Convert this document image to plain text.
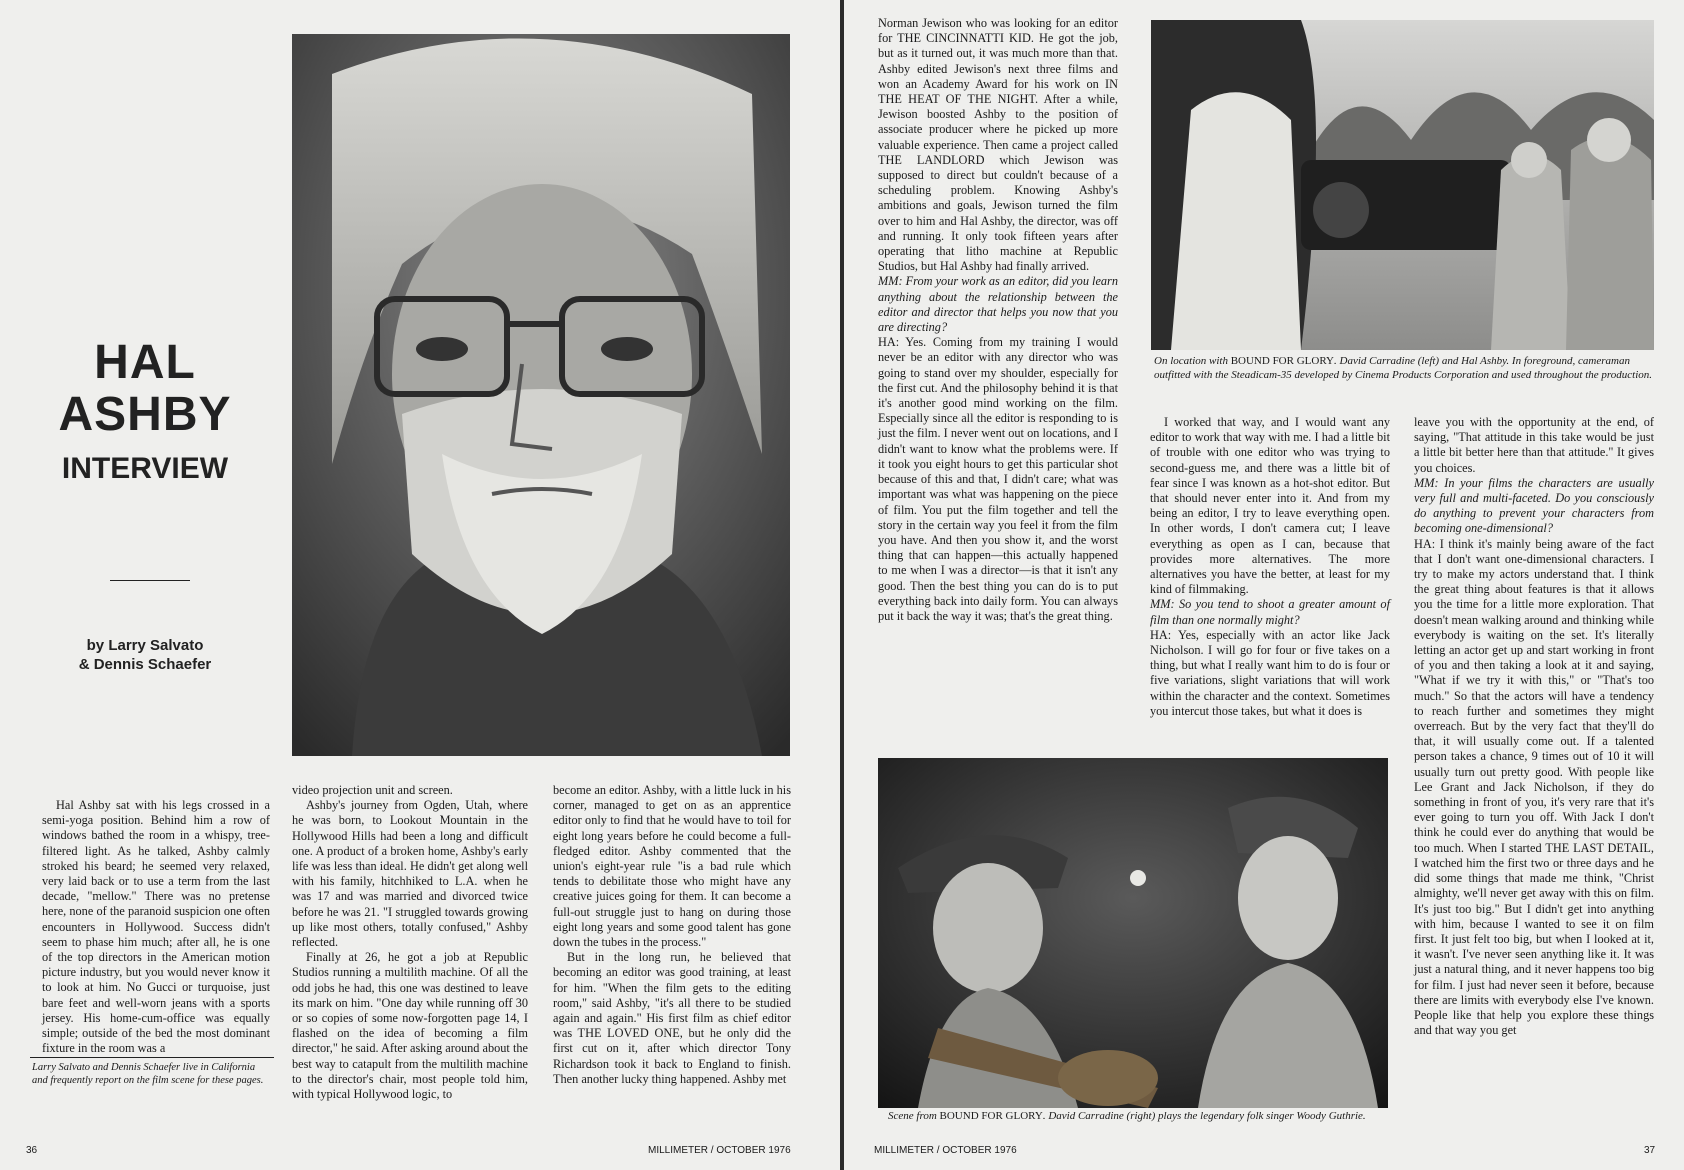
HAL
ASHBY
INTERVIEW
by Larry Salvato
& Dennis Schaefer

Hal Ashby sat with his legs crossed in a semi-yoga position. Behind him a row of windows bathed the room in a whispy, tree-filtered light. As he talked, Ashby calmly stroked his beard; he seemed very relaxed, very laid back or to use a term from the last decade, "mellow." There was no pretense here, none of the paranoid suspicion one often encounters in Hollywood. Success didn't seem to phase him much; after all, he is one of the top directors in the American motion picture industry, but you would never know it to look at him. No Gucci or turquoise, just bare feet and well-worn jeans with a sports jersey. His home-cum-office was equally simple; outside of the bed the most dominant fixture in the room was a

Larry Salvato and Dennis Schaefer live in California and frequently report on the film scene for these pages.

video projection unit and screen.

Ashby's journey from Ogden, Utah, where he was born, to Lookout Mountain in the Hollywood Hills had been a long and difficult one. A product of a broken home, Ashby's early life was less than ideal. He didn't get along well with his family, hitchhiked to L.A. when he was 17 and was married and divorced twice before he was 21. "I struggled towards growing up like most others, totally confused," Ashby reflected.

Finally at 26, he got a job at Republic Studios running a multilith machine. Of all the odd jobs he had, this one was destined to leave its mark on him. "One day while running off 30 or so copies of some now-forgotten page 14, I flashed on the idea of becoming a film director," he said. After asking around about the best way to catapult from the multilith machine to the director's chair, most people told him, with typical Hollywood logic, to

become an editor. Ashby, with a little luck in his corner, managed to get on as an apprentice editor only to find that he would have to toil for eight long years before he could become a full-fledged editor. Ashby commented that the union's eight-year rule "is a bad rule which tends to debilitate those who might have any creative juices going for them. It can become a full-out struggle just to hang on during those eight long years and some good talent has gone down the tubes in the process."

But in the long run, he believed that becoming an editor was good training, at least for him. "When the film gets to the editing room," said Ashby, "it's all there to be studied again and again." His first film as chief editor was THE LOVED ONE, but he only did the first cut on it, after which director Tony Richardson took it back to England to finish. Then another lucky thing happened. Ashby met

36	MILLIMETER / OCTOBER 1976

Norman Jewison who was looking for an editor for THE CINCINNATTI KID. He got the job, but as it turned out, it was much more than that. Ashby edited Jewison's next three films and won an Academy Award for his work on IN THE HEAT OF THE NIGHT. After a while, Jewison boosted Ashby to the position of associate producer where he picked up more valuable experience. Then came a project called THE LANDLORD which Jewison was supposed to direct but couldn't because of a scheduling problem. Knowing Ashby's ambitions and goals, Jewison turned the film over to him and Hal Ashby, the director, was off and running. It only took fifteen years after operating that litho machine at Republic Studios, but Hal Ashby had finally arrived.

MM: From your work as an editor, did you learn anything about the relationship between the editor and director that helps you now that you are directing?

HA: Yes. Coming from my training I would never be an editor with any director who was going to stand over my shoulder, especially for the first cut. And the philosophy behind it is that it's another good mind working on the film. Especially since all the editor is responding to is just the film. I never went out on locations, and I didn't want to know what the problems were. If it took you eight hours to get this particular shot because of this and that, I didn't care; what was important was what was happening on the piece of film. You put the film together and tell the story in the certain way you feel it from the film you have. And then you show it, and the worst thing that can happen—this actually happened to me when I was a director—is that it isn't any good. Then the best thing you can do is to put everything back into daily form. You can always put it back the way it was; that's the great thing.

On location with BOUND FOR GLORY. David Carradine (left) and Hal Ashby. In foreground, cameraman outfitted with the Steadicam-35 developed by Cinema Products Corporation and used throughout the production.

I worked that way, and I would want any editor to work that way with me. I had a little bit of trouble with one editor who was trying to second-guess me, and there was a little bit of fear since I was known as a hot-shot editor. But that should never enter into it. And from my being an editor, I try to leave everything open. In other words, I don't camera cut; I leave everything as open as I can, because that provides more alternatives. The more alternatives you have the better, at least for my kind of filmmaking.

MM: So you tend to shoot a greater amount of film than one normally might?

HA: Yes, especially with an actor like Jack Nicholson. I will go for four or five takes on a thing, but what I really want him to do is four or five variations, slight variations that will work within the character and the context. Sometimes you intercut those takes, but what it does is

leave you with the opportunity at the end, of saying, "That attitude in this take would be just a little bit better here than that attitude." It gives you choices.

MM: In your films the characters are usually very full and multi-faceted. Do you consciously do anything to prevent your characters from becoming one-dimensional?

HA: I think it's mainly being aware of the fact that I don't want one-dimensional characters. I try to make my actors understand that. I think the great thing about features is that it allows you the time for a little more exploration. That doesn't mean walking around and thinking while everybody is waiting on the set. It's literally letting an actor get up and start working in front of you and then taking a look at it and saying, "What if we try it with this," or "That's too much." So that the actors will have a tendency to reach further and sometimes they might overreach. But by the very fact that they'll do that, it will usually come out. If a talented person takes a chance, 9 times out of 10 it will usually turn out pretty good. With people like Lee Grant and Jack Nicholson, if they do something in front of you, it's very rare that it's ever going to turn you off. With Jack I don't think he could ever do anything that would be too much. When I started THE LAST DETAIL, I watched him the first two or three days and he did some things that made me think, "Christ almighty, we'll never get away with this on film. It's just too big." But I didn't get into anything with him, because I wanted to see it on film first. It just felt too big, but when I looked at it, it wasn't. I've never seen anything like it. It was just a natural thing, and it never happens too big for film. I just had never seen it before, because there are limits with everybody else I've known. People like that help you explore these things and that way you get

Scene from BOUND FOR GLORY. David Carradine (right) plays the legendary folk singer Woody Guthrie.
MILLIMETER / OCTOBER 1976	37
